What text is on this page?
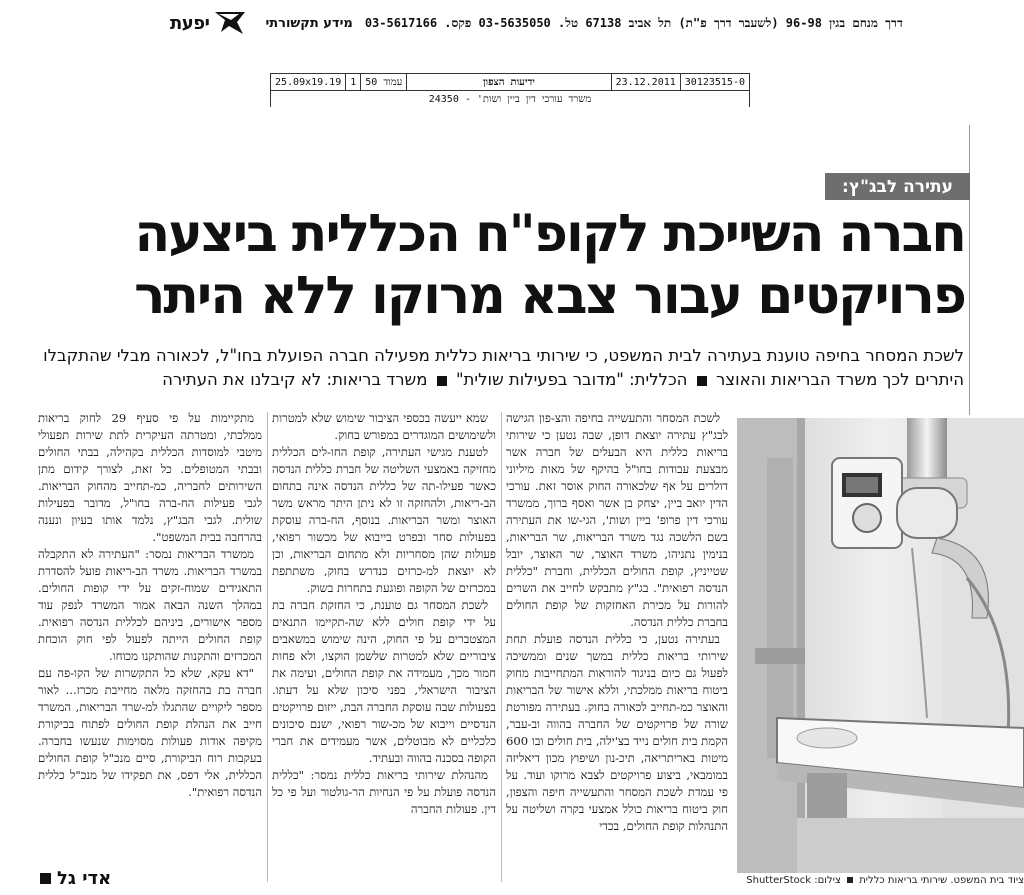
יפעת	מידע תקשורתי דרך מנחם בגין 96-98 (לשעבר דרך פ"ת) תל אביב 67138 טל. 03-5635050 פקס. 03-5617166
30123515-0
23.12.2011
ידיעות הצפון
עמוד 50
1
25.09x19.19
משרד עורכי דין ביין ושות' - 24350
עתירה לבג"ץ:
חברה השייכת לקופ"ח הכללית ביצעה
פרויקטים עבור צבא מרוקו ללא היתר
לשכת המסחר בחיפה טוענת בעתירה לבית המשפט, כי שירותי בריאות כללית מפעילה חברה הפועלת בחו"ל, לכאורה מבלי שהתקבלו היתרים לכך משרד הבריאות והאוצר  הכללית: "מדובר בפעילות שולית"  משרד בריאות: לא קיבלנו את העתירה

לשכת המסחר והתעשייה בחיפה והצ-פון הגישה לבג"ץ עתירה יוצאת דופן, שבה נטען כי שירותי בריאות כללית היא הבעלים של חברה אשר מבצעת עבודות בחו"ל בהיקף של מאות מיליוני דולרים על אף שלכאורה החוק אוסר זאת. עורכי הדין יואב ביין, יצחק בן אשר ואסף ברוך, ממשרד עורכי דין פרופ' ביין ושות', הגי-שו את העתירה בשם הלשכה נגד משרד הבריאות, שר הבריאות, בנימין נתניהו, משרד האוצר, שר האוצר, יובל שטייניץ, קופת החולים הכללית, וחברת "כללית הנדסה רפואית". בג"ץ מתבקש לחייב את השרים להורות על מכירת האחזקות של קופת החולים בחברת כללית הנדסה.

בעתירה נטען, כי כללית הנדסה פועלת תחת שירותי בריאות כללית במשך שנים וממשיכה לפעול גם כיום בניגוד להוראות המתחייבות מחוק ביטוח בריאות ממלכתי, וללא אישור של הבריאות והאוצר כמ-תחייב לכאורה בחוק. בעתירה מפורטת שורה של פרויקטים של החברה בהווה וב-עבר, הקמת בית חולים נייד בצ'ילה, בית חולים ובו 600 מיטות באריתריאה, תיכ-נון ושיפוץ מכון דיאליזה במומבאי, ביצוע פרויקטים לצבא מרוקו ועוד. על פי עמדת לשכת המסחר והתעשייה חיפה והצפון, חוק ביטוח בריאות כולל אמצעי בקרה ושליטה על התנהלות קופת החולים, בכדי

שמא ייעשה בכספי הציבור שימוש שלא למטרות ולשימושים המוגדרים במפורש בחוק.

לטענת מגישי העתירה, קופת החו-לים הכללית מחזיקה באמצעי השליטה של חברת כללית הנדסה כאשר פעילו-תה של כללית הנדסה אינה בתחום הב-ריאות, ולהחזקה זו לא ניתן היתר מראש משר האוצר ומשר הבריאות. בנוסף, הח-ברה עוסקת בפעולות סחר ובפרט בייבוא של מכשור רפואי, פעולות שהן מסחריות ולא מתחום הבריאות, וכן לא יוצאת למ-כרזים כנדרש בחוק, משתתפת במכרזים של הקופה ופוגעת בתחרות בשוק.

לשכת המסחר גם טוענת, כי החזקת חברה בת על ידי קופת חולים ללא שה-תקיימו התנאים המצטברים על פי החוק, הינה שימוש במשאבים ציבוריים שלא למטרות שלשמן הוקצו, ולא פחות חמור מכך, מעמידה את קופת החולים, ועימה את הציבור הישראלי, בפני סיכון שלא על דעתו. בפעולות שבה עוסקת החברה הבת, ייזום פרויקטים הנדסיים וייבוא של מכ-שור רפואי, ישנם סיכונים כלכליים לא מבוטלים, אשר מעמידים את חברי הקופה בסכנה בהווה ובעתיד.

מהנהלת שירותי בריאות כללית נמסר: "כללית הנדסה פועלת על פי הנחיות הר-גולטור ועל פי כל דין. פעולות החברה

מתקיימות על פי סעיף 29 לחוק בריאות ממלכתי, ומטרתה העיקרית לתת שירות תפעולי מיטבי למוסדות הכללית בקהילה, בבתי החולים ובבתי המטופלים. כל זאת, לצורך קידום מתן השירותים לחבריה, כמ-תחייב מהחוק הבריאות. לגבי פעילות הח-ברה בחו"ל, מדובר בפעילות שולית. לגבי הבג"ץ, נלמד אותו בעיון ונענה בהרחבה בבית המשפט".

ממשרד הבריאות נמסר: "העתירה לא התקבלה במשרד הבריאות. משרד הב-ריאות פועל להסדרת התאגידים שמוח-זקים על ידי קופות החולים. במהלך השנה הבאה אמור המשרד לנפק עוד מספר אישורים, ביניהם לכללית הנדסה רפואית. קופת החולים הייתה לפעול לפי חוק הוכחת המכרזים והתקנות שהותקנו מכוחו.

"דא עקא, שלא כל התקשרות של הקו-פה עם חברה בת בהחזקה מלאה מחייבת מכרז... לאור מספר ליקויים שהתגלו למ-שרד הבריאות, המשרד חייב את הנהלת קופת החולים לפתוח בביקורת מקיפה אודות פעולות מסוימות שנעשו בחברה. בעקבות רוח הביקורת, סיים מנכ"ל קופת החולים הכללית, אלי דפס, את תפקידו של מנכ"ל כללית הנדסה רפואית".

אדי גל	ציוד בית המשפט. שירותי בריאות כללית  צילום: ShutterStock
